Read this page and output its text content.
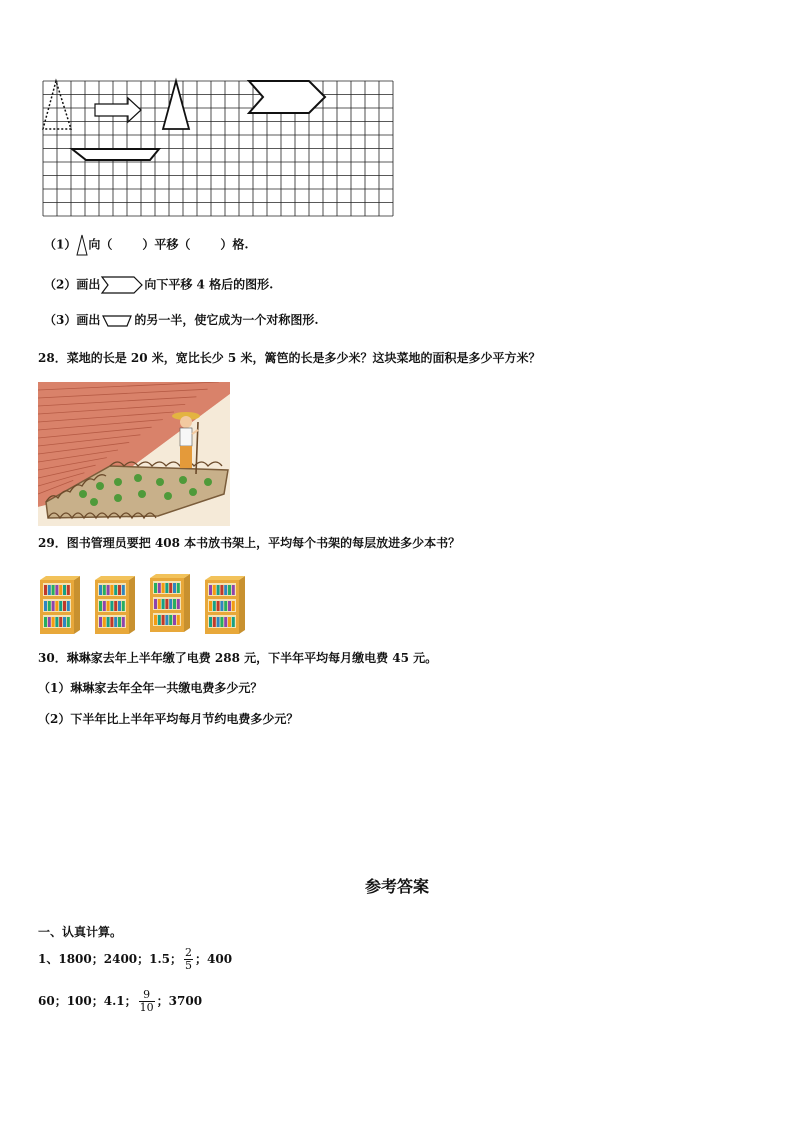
（1） 向（	）平移（	）格.
（2）画出	向下平移 4 格后的图形.
（3）画出	的另一半，使它成为一个对称图形.
28．菜地的长是 20 米，宽比长少 5 米，篱笆的长是多少米？这块菜地的面积是多少平方米？
29．图书管理员要把 408 本书放书架上，平均每个书架的每层放进多少本书？
30．琳琳家去年上半年缴了电费 288 元，下半年平均每月缴电费 45 元。
（1）琳琳家去年全年一共缴电费多少元？
（2）下半年比上半年平均每月节约电费多少元？
参考答案
一、认真计算。
1、1800；2400；1.5； $\frac{2}{5}$ ；400
60；100；4.1； $\frac{9}{10}$ ；3700
